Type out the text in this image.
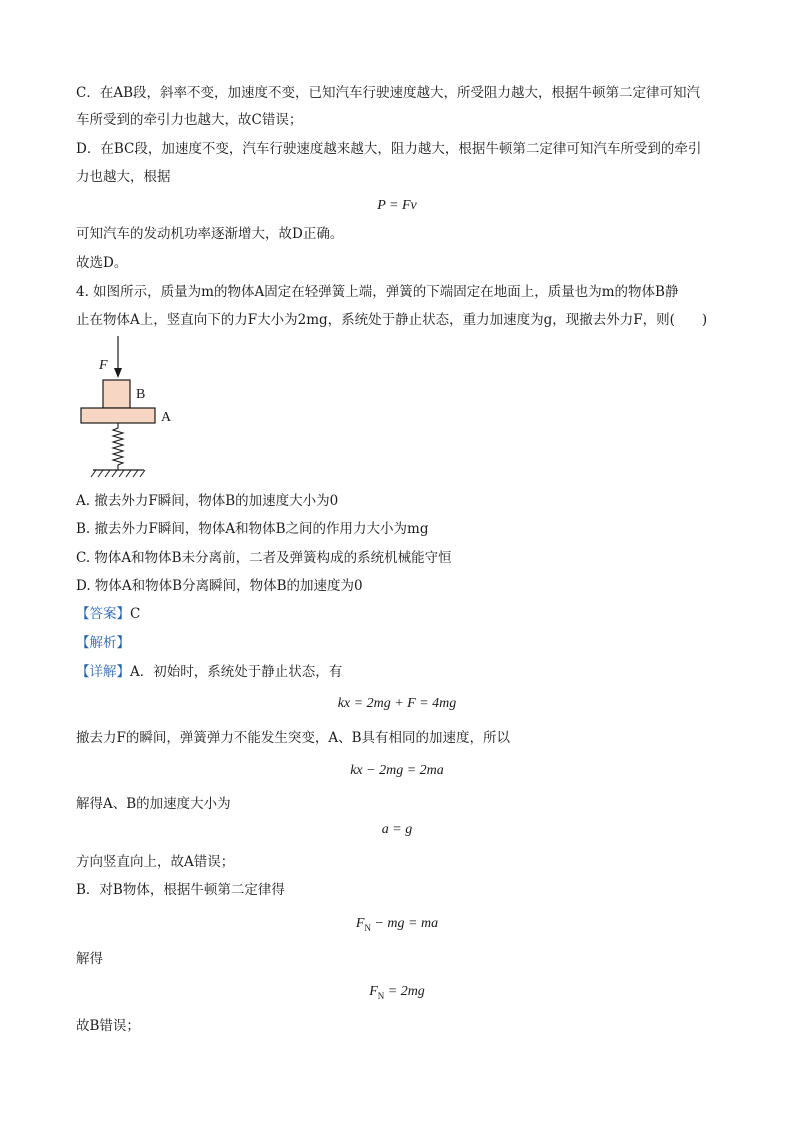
C．在AB段，斜率不变，加速度不变，已知汽车行驶速度越大，所受阻力越大，根据牛顿第二定律可知汽
车所受到的牵引力也越大，故C错误；
D．在BC段，加速度不变，汽车行驶速度越来越大，阻力越大，根据牛顿第二定律可知汽车所受到的牵引
力也越大，根据
P = Fv
可知汽车的发动机功率逐渐增大，故D正确。
故选D。
4. 如图所示，质量为m的物体A固定在轻弹簧上端，弹簧的下端固定在地面上，质量也为m的物体B静
止在物体A上，竖直向下的力F大小为2mg，系统处于静止状态，重力加速度为g，现撤去外力F，则(　　)
F
B
A
A. 撤去外力F瞬间，物体B的加速度大小为0
B. 撤去外力F瞬间，物体A和物体B之间的作用力大小为mg
C. 物体A和物体B未分离前，二者及弹簧构成的系统机械能守恒
D. 物体A和物体B分离瞬间，物体B的加速度为0
【答案】C
【解析】
【详解】A．初始时，系统处于静止状态，有
kx = 2mg + F = 4mg
撤去力F的瞬间，弹簧弹力不能发生突变，A、B具有相同的加速度，所以
kx − 2mg = 2ma
解得A、B的加速度大小为
a = g
方向竖直向上，故A错误；
B．对B物体，根据牛顿第二定律得
$F_N$ − mg = ma
解得
$F_N = 2mg$
故B错误；
